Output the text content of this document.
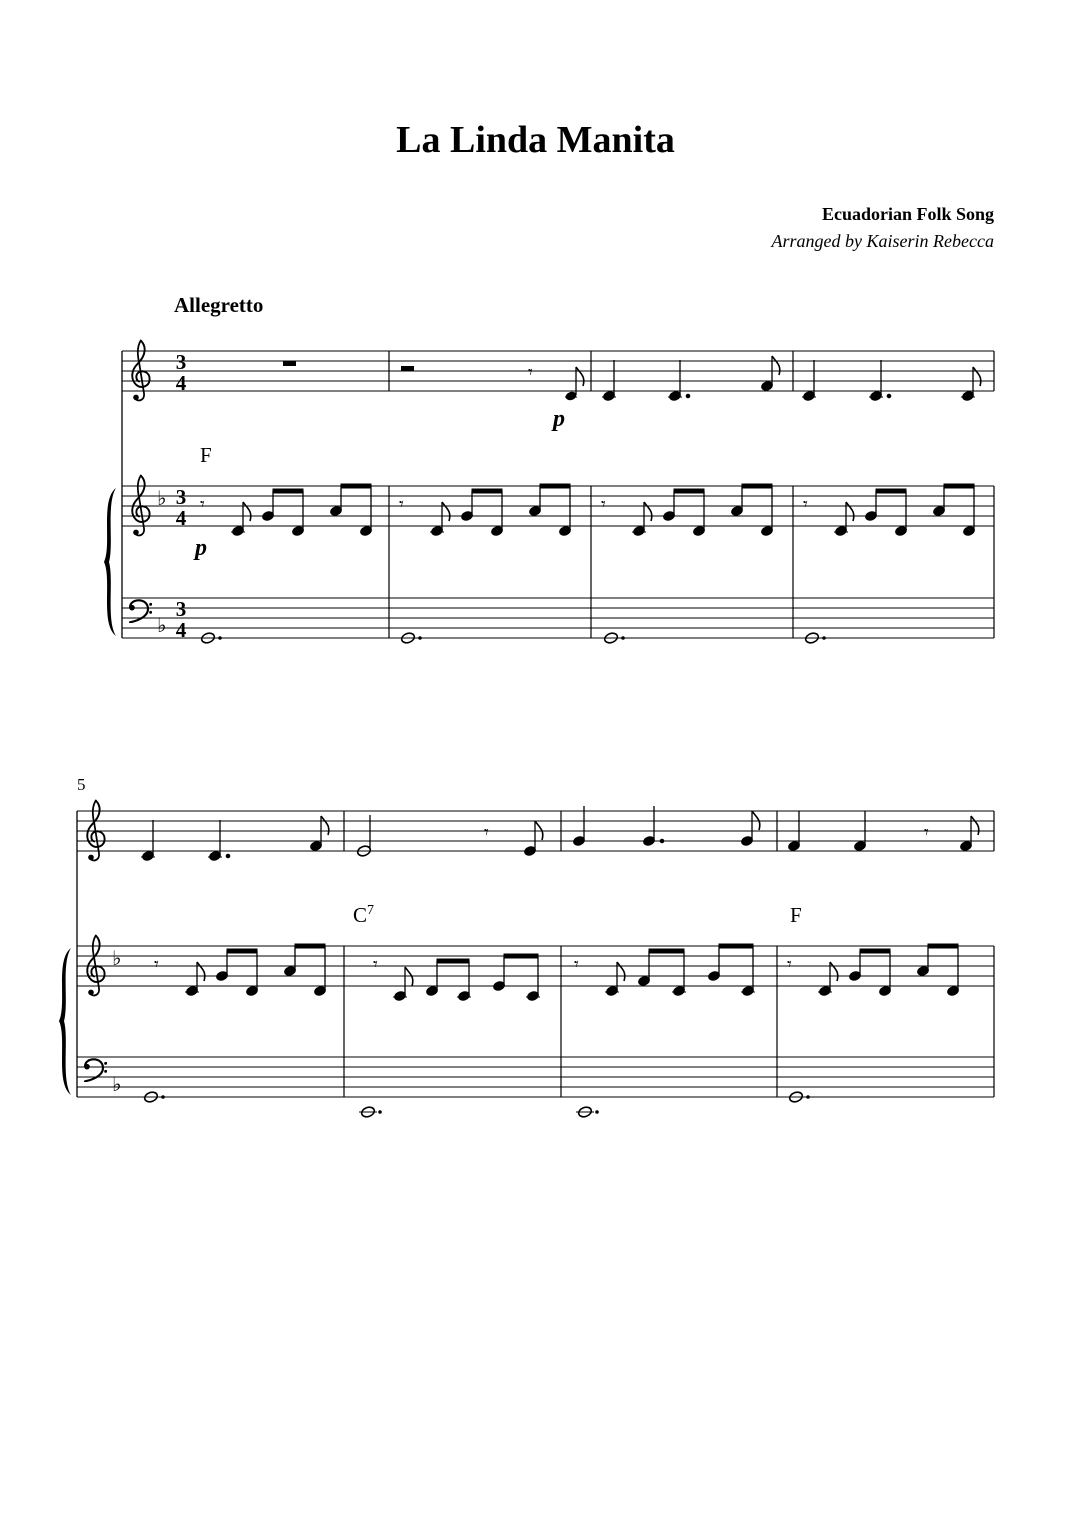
La Linda Manita
Ecuadorian Folk Song
Arranged by Kaiserin Rebecca
Allegretto
♭
♭
3
4
3
4
3
4
𝄾
p
F
𝄾
p
5
♭
♭
𝄾	𝄾
$C^7$	F
𝄾	𝄾
